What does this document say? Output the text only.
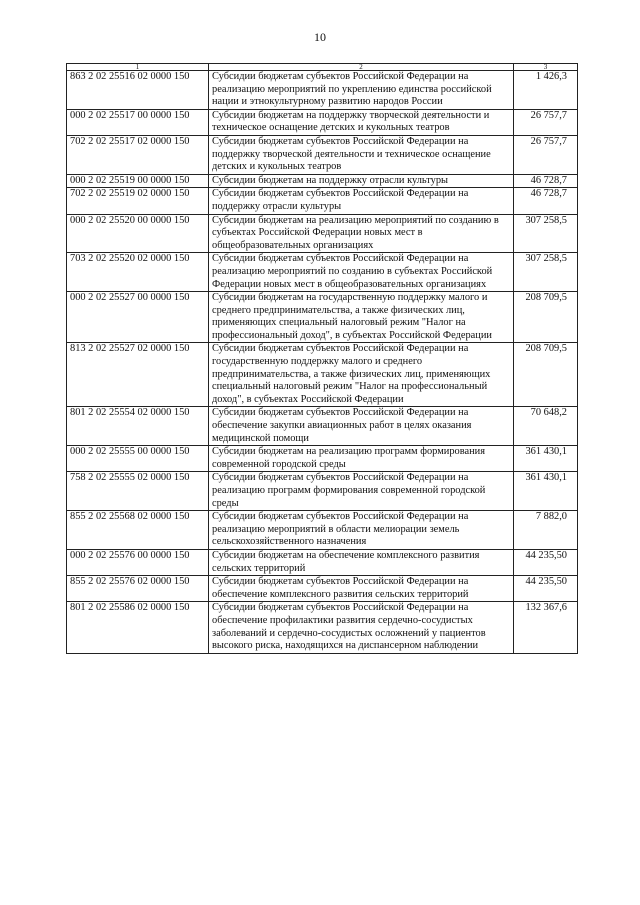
10
1	2	3
863 2 02 25516 02 0000 150	Субсидии бюджетам субъектов Российской Федерации на реализацию мероприятий по укреплению единства российской нации и этнокультурному развитию народов России	1 426,3
000 2 02 25517 00 0000 150	Субсидии бюджетам на поддержку творческой деятельности и техническое оснащение детских и кукольных театров	26 757,7
702 2 02 25517 02 0000 150	Субсидии бюджетам субъектов Российской Федерации на поддержку творческой деятельности и техническое оснащение детских и кукольных театров	26 757,7
000 2 02 25519 00 0000 150	Субсидии бюджетам на поддержку отрасли культуры	46 728,7
702 2 02 25519 02 0000 150	Субсидии бюджетам субъектов Российской Федерации на поддержку отрасли культуры	46 728,7
000 2 02 25520 00 0000 150	Субсидии бюджетам на реализацию мероприятий по созданию в субъектах Российской Федерации новых мест в общеобразовательных организациях	307 258,5
703 2 02 25520 02 0000 150	Субсидии бюджетам субъектов Российской Федерации на реализацию мероприятий по созданию в субъектах Российской Федерации новых мест в общеобразовательных организациях	307 258,5
000 2 02 25527 00 0000 150	Субсидии бюджетам на государственную поддержку малого и среднего предпринимательства, а также физических лиц, применяющих специальный налоговый режим "Налог на профессиональный доход", в субъектах Российской Федерации	208 709,5
813 2 02 25527 02 0000 150	Субсидии бюджетам субъектов Российской Федерации на государственную поддержку малого и среднего предпринимательства, а также физических лиц, применяющих специальный налоговый режим "Налог на профессиональный доход", в субъектах Российской Федерации	208 709,5
801 2 02 25554 02 0000 150	Субсидии бюджетам субъектов Российской Федерации на обеспечение закупки авиационных работ в целях оказания медицинской помощи	70 648,2
000 2 02 25555 00 0000 150	Субсидии бюджетам на реализацию программ формирования современной городской среды	361 430,1
758 2 02 25555 02 0000 150	Субсидии бюджетам субъектов Российской Федерации на реализацию программ формирования современной городской среды	361 430,1
855 2 02 25568 02 0000 150	Субсидии бюджетам субъектов Российской Федерации на реализацию мероприятий в области мелиорации земель сельскохозяйственного назначения	7 882,0
000 2 02 25576 00 0000 150	Субсидии бюджетам на обеспечение комплексного развития сельских территорий	44 235,50
855 2 02 25576 02 0000 150	Субсидии бюджетам субъектов Российской Федерации на обеспечение комплексного развития сельских территорий	44 235,50
801 2 02 25586 02 0000 150	Субсидии бюджетам субъектов Российской Федерации на обеспечение профилактики развития сердечно-сосудистых заболеваний и сердечно-сосудистых осложнений у пациентов высокого риска, находящихся на диспансерном наблюдении	132 367,6
